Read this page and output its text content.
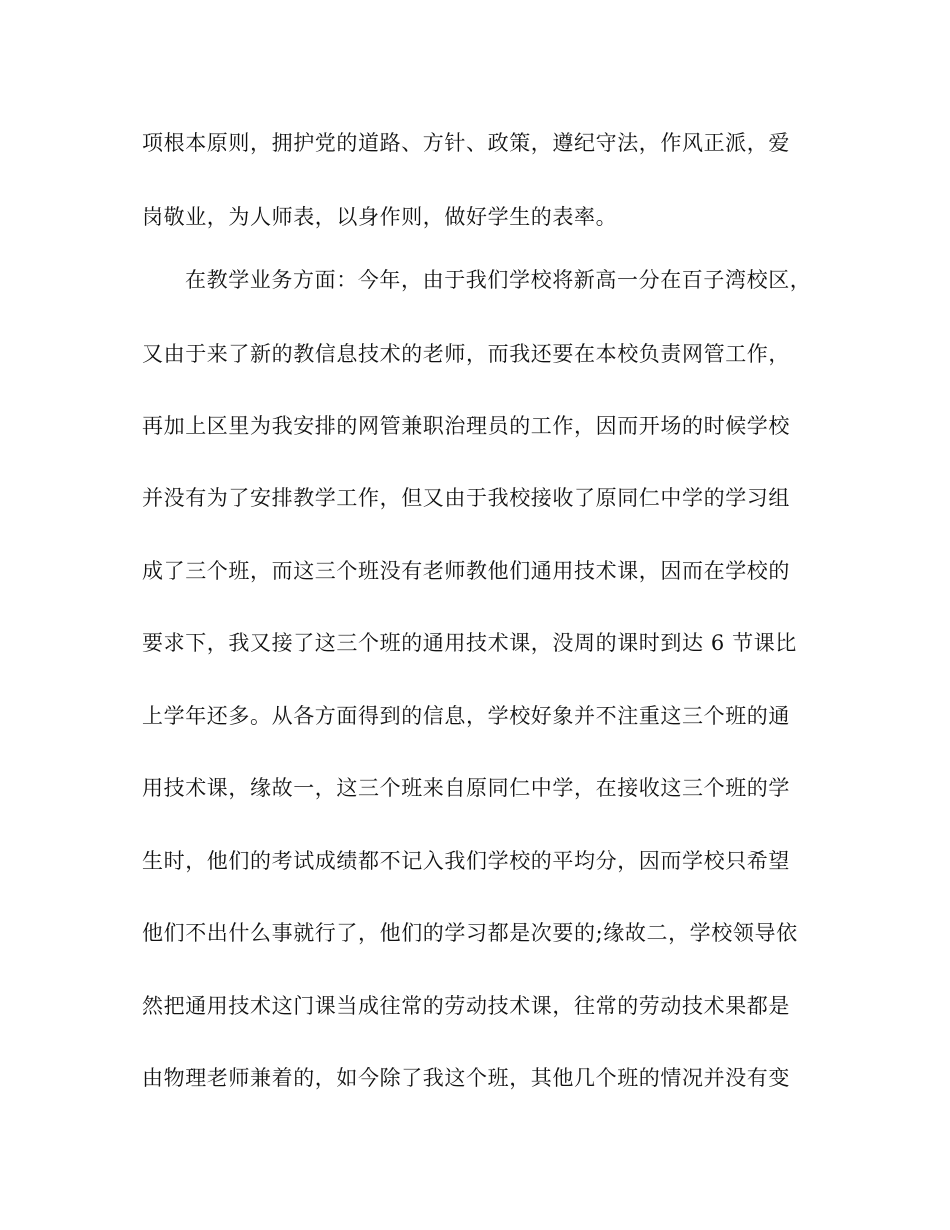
项根本原则，拥护党的道路、方针、政策，遵纪守法，作风正派，爱
岗敬业，为人师表，以身作则，做好学生的表率。
在教学业务方面：今年，由于我们学校将新高一分在百子湾校区，
又由于来了新的教信息技术的老师，而我还要在本校负责网管工作，
再加上区里为我安排的网管兼职治理员的工作，因而开场的时候学校
并没有为了安排教学工作，但又由于我校接收了原同仁中学的学习组
成了三个班，而这三个班没有老师教他们通用技术课，因而在学校的
要求下，我又接了这三个班的通用技术课，没周的课时到达 6 节课比
上学年还多。从各方面得到的信息，学校好象并不注重这三个班的通
用技术课，缘故一，这三个班来自原同仁中学，在接收这三个班的学
生时，他们的考试成绩都不记入我们学校的平均分，因而学校只希望
他们不出什么事就行了，他们的学习都是次要的;缘故二，学校领导依
然把通用技术这门课当成往常的劳动技术课，往常的劳动技术果都是
由物理老师兼着的，如今除了我这个班，其他几个班的情况并没有变
